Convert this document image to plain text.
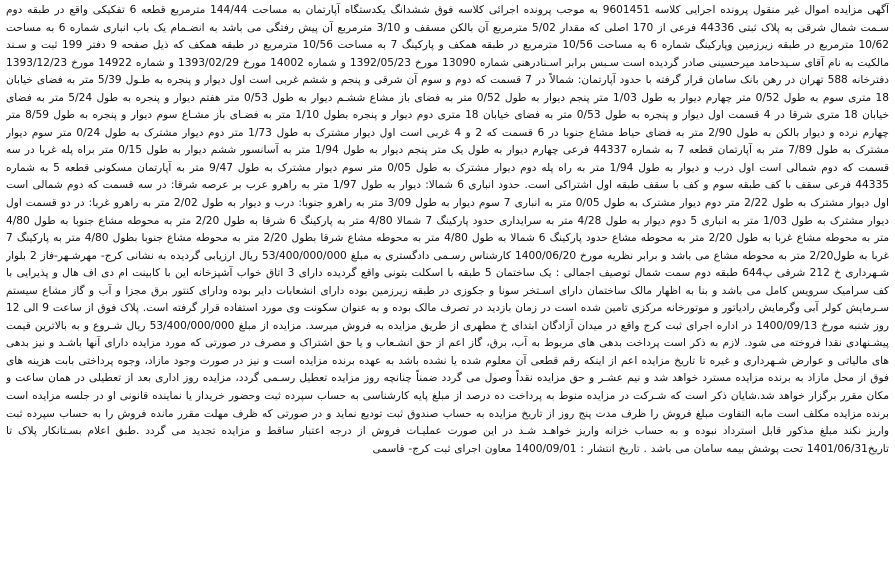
آگهی مزایده اموال غیر منقول پرونده اجرایی کلاسه 9601451 به موجب پرونده اجرائی کلاسه فوق ششدانگ یکدستگاه آپارتمان به مساحت 144/44 مترمربع قطعه 6 تفکیکی واقع در طبقه دوم سـمت شمال شرقی به پلاک ثبتی 44336 فرعی از 170 اصلی که مقدار 5/02 مترمربع آن بالکن مسقف و 3/10 مترمربع آن پیش رفتگی می باشد به انضـمام یک باب انباری شماره 6 به مساحت 10/62 مترمربع در طبقه زیرزمین وپارکینگ شماره 6 به مساحت 10/56 مترمربع در طبقه همکف و پارکینگ 7 به مساحت 10/56 مترمربع در طبقه همکف که ذیل صفحه 9 دفتر 199 ثبت و سـند مالکیت به نام آقای سـیدحامد میرحسینی صادر گردیده است سـبس برابر اسـنادرهنی شماره 13090 مورخ 1392/05/23 و شماره 14002 مورخ 1393/02/29 و شماره 14922 مورخ 1393/12/23 دفترخانه 588 تهران در رهن بانک سامان قرار گرفته با حدود آپارتمان: شمالاً در 7 قسمت که دوم و سوم آن شرقی و پنجم و ششم غربی است اول دیوار و پنجره به طـول 5/39 متر به فضای خیابان 18 متری سوم به طول 0/52 متر چهارم دیوار به طول 1/03 متر پنجم دیوار به طول 0/52 متر به فضای باز مشاع ششـم دیوار به طول 0/53 متر هفتم دیوار و پنجره به طول 5/24 متر به فضای خیابان 18 متری شرقا در 4 قسمت اول دیوار و پنجره به طول 0/53 متر به فضای خیابان 18 متری دوم دیوار و پنجره بطول 1/10 متر به فضـای باز مشـاع سوم دیوار و پنجره به طول 8/59 متر چهارم نرده و دیوار بالکن به طول 2/90 متر به فضای حیاط مشاع جنوبا در 6 قسمت که 2 و 4 غربی است اول دیوار مشترک به طول 1/73 متر دوم دیوار مشترک به طول 0/24 متر سوم دیوار مشترک به طول 7/89 متر به آپارتمان قطعه 7 به شماره 44337 فرعی چهارم دیوار به طول یک متر پنجم دیوار به طول 1/94 متر به آسانسور ششم دیوار به طول 0/15 متر براه پله غربا در سه قسمت که دوم شمالی است اول درب و دیوار به طول 1/94 متر به راه پله دوم دیوار مشترک به طول 0/05 متر سوم دیوار مشترک به طول 9/47 متر به آپارتمان مسکونی قطعه 5 به شماره 44335 فرعی سقف با کف طبقه سوم و کف با سقف طبقه اول اشتراکی است. حدود انباری 6 شمالا: دیوار به طول 1/97 متر به راهرو عرب بر عرصه شرقا: در سه قسمت که دوم شمالی است اول دیوار مشترک به طول 2/22 متر دوم دیوار مشترک به طول 0/05 متر به انباری 7 سوم دیوار به طول 3/09 متر به راهرو جنوبا: درب و دیوار به طول 2/02 متر به راهرو غربا: در دو قسمت اول دیوار مشترک به طول 1/03 متر به انباری 5 دوم دیوار به طول 4/28 متر به سرایداری حدود پارکینگ 7 شمالا 4/80 متر به پارکینگ 6 شرقا به طول 2/20 متر به محوطه مشاع جنوبا به طول 4/80 متر به محوطه مشاع غربا به طول 2/20 متر به محوطه مشاع حدود پارکینگ 6 شمالا به طول 4/80 متر به محوطه مشاع شرقا بطول 2/20 متر به محوطه مشاع جنوبا بطول 4/80 متر به پارکینگ 7 غربا به طول2/20 متر به محوطه مشاع می باشد و برابر نظریه مورخ 1400/06/20 کارشناس رسـمی دادگستری به مبلغ 53/400/000/000 ریال ارزیابی گردیده به نشانی کرج- مهرشـهر-فاز 2 بلوار شـهرداری خ 212 شرقی پ644 طبقه دوم سمت شمال توصیف اجمالی : یک ساختمان 5 طبقه با اسکلت بتونی واقع گردیده دارای 3 اتاق خواب آشپزخانه این با کابینت ام دی اف هال و پذیرایی با کف سرامیک سرویس کامل می باشد و بنا به اظهار مالک ساختمان دارای اسـتخر سونا و جکوزی در طبقه زیرزمین بوده دارای انشعابات دایر بوده ودارای کنتور برق مجزا و آب و گاز مشاع سیستم سـرمایش کولر آبی وگرمایش رادیاتور و موتورخانه مرکزی تامین شده است در زمان بازدید در تصرف مالک بوده و به عنوان سکونت وی مورد استفاده قرار گرفته است. پلاک فوق از ساعت 9 الی 12 روز شنبه مورخ 1400/09/13 در اداره اجرای ثبت کرج واقع در میدان آزادگان ابتدای خ مطهری از طریق مزایده به فروش میرسد. مزایده از مبلغ 53/400/000/000 ریال شـروع و به بالاترین قیمت پیشـنهادی نقدا فروخته می شود. لازم به ذکر است پرداخت بدهی های مربوط به آب، برق، گاز اعم از حق انشـعاب و یا حق اشتراک و مصرف در صورتی که مورد مزایده دارای آنها باشـد و نیز بدهی های مالیاتی و عوارض شـهرداری و غیره تا تاریخ مزایده اعم از اینکه رقم قطعی آن معلوم شده یا نشده باشد به عهده برنده مزایده است و نیز در صورت وجود مازاد، وجوه پرداختی بابت هزینه های فوق از محل مازاد به برنده مزایده مسترد خواهد شد و نیم عشـر و حق مزایده نقداً وصول می گردد ضمناً چنانچه روز مزایده تعطیل رسـمی گردد، مزایده روز اداری بعد از تعطیلی در همان ساعت و مکان مقرر برگزار خواهد شد.شایان ذکر است که شـرکت در مزایده منوط به پرداخت ده درصد از مبلغ پایه کارشناسی به حساب سپرده ثبت وحضور خریدار یا نماینده قانونی او در جلسه مزایده است برنده مزایده مکلف است مابه التفاوت مبلغ فروش را ظرف مدت پنج روز از تاریخ مزایده به حساب صندوق ثبت تودیع نماید و در صورتی که ظرف مهلت مقرر مانده فروش را به حساب سپرده ثبت واریز نکند مبلغ مذکور قابل استرداد نبوده و به حساب خزانه واریز خواهـد شـد در این صورت عملیـات فروش از درجه اعتبار ساقط و مزایده تجدید می گردد .طبق اعلام بسـتانکار پلاک تا تاریخ1401/06/31 تحت پوشش بیمه سامان می باشد . تاریخ انتشار : 1400/09/01 معاون اجرای ثبت کرج- قاسمی
